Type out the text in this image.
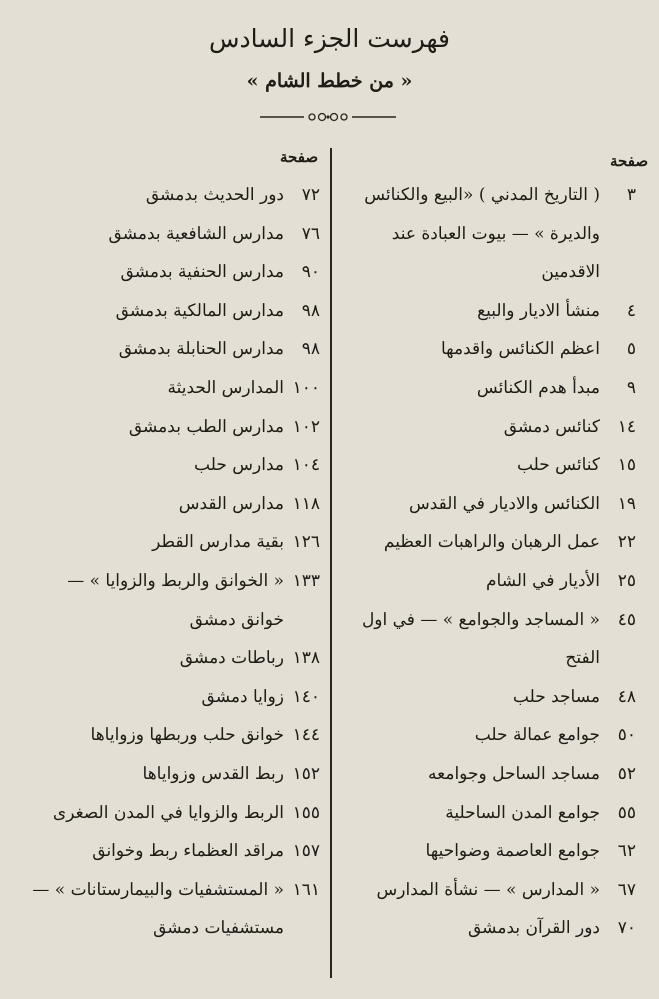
فهرست الجزء السادس
« من خطط الشام »
صفحة
صفحة
٣
( التاريخ المدني ) «البيع والكنائس
والديرة » — بيوت العبادة عند
الاقدمين
٤
منشأ الاديار والبيع
٥
اعظم الكنائس واقدمها
٩
مبدأ هدم الكنائس
١٤
كنائس دمشق
١٥
كنائس حلب
١٩
الكنائس والاديار في القدس
٢٢
عمل الرهبان والراهبات العظيم
٢٥
الأديار في الشام
٤٥
« المساجد والجوامع » — في اول
الفتح
٤٨
مساجد حلب
٥٠
جوامع عمالة حلب
٥٢
مساجد الساحل وجوامعه
٥٥
جوامع المدن الساحلية
٦٢
جوامع العاصمة وضواحيها
٦٧
« المدارس » — نشأة المدارس
٧٠
دور القرآن بدمشق
٧٢
دور الحديث بدمشق
٧٦
مدارس الشافعية بدمشق
٩٠
مدارس الحنفية بدمشق
٩٨
مدارس المالكية بدمشق
٩٨
مدارس الحنابلة بدمشق
١٠٠
المدارس الحديثة
١٠٢
مدارس الطب بدمشق
١٠٤
مدارس حلب
١١٨
مدارس القدس
١٢٦
بقية مدارس القطر
١٣٣
« الخوانق والربط والزوايا » —
خوانق دمشق
١٣٨
رباطات دمشق
١٤٠
زوايا دمشق
١٤٤
خوانق حلب وربطها وزواياها
١٥٢
ربط القدس وزواياها
١٥٥
الربط والزوايا في المدن الصغرى
١٥٧
مراقد العظماء ربط وخوانق
١٦١
« المستشفيات والبيمارستانات » —
مستشفيات دمشق
